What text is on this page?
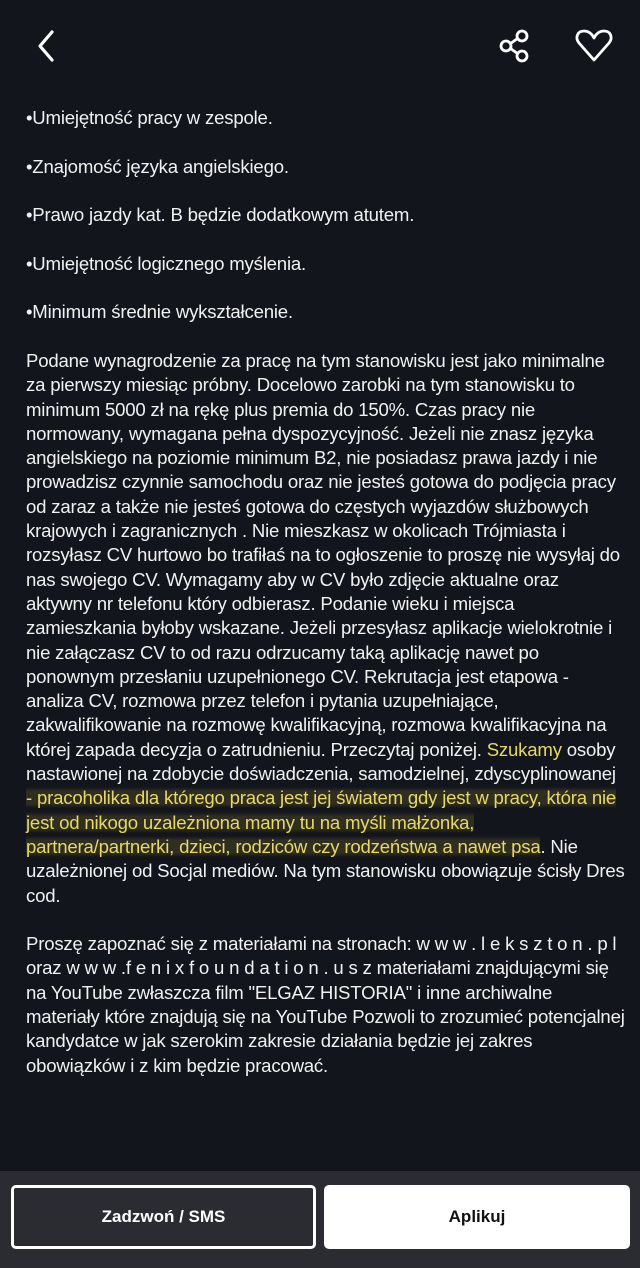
•Umiejętność pracy w zespole.
•Znajomość języka angielskiego.
•Prawo jazdy kat. B będzie dodatkowym atutem.
•Umiejętność logicznego myślenia.
•Minimum średnie wykształcenie.

Podane wynagrodzenie za pracę na tym stanowisku jest jako minimalne za pierwszy miesiąc próbny. Docelowo zarobki na tym stanowisku to minimum 5000 zł na rękę plus premia do 150%. Czas pracy nie normowany, wymagana pełna dyspozycyjność. Jeżeli nie znasz języka angielskiego na poziomie minimum B2, nie posiadasz prawa jazdy i nie prowadzisz czynnie samochodu oraz nie jesteś gotowa do podjęcia pracy od zaraz a także nie jesteś gotowa do częstych wyjazdów służbowych krajowych i zagranicznych . Nie mieszkasz w okolicach Trójmiasta i rozsyłasz CV hurtowo bo trafiłaś na to ogłoszenie to proszę nie wysyłaj do nas swojego CV. Wymagamy aby w CV było zdjęcie aktualne oraz aktywny nr telefonu który odbierasz. Podanie wieku i miejsca zamieszkania byłoby wskazane. Jeżeli przesyłasz aplikacje wielokrotnie i nie załączasz CV to od razu odrzucamy taką aplikację nawet po ponownym przesłaniu uzupełnionego CV. Rekrutacja jest etapowa - analiza CV, rozmowa przez telefon i pytania uzupełniające, zakwalifikowanie na rozmowę kwalifikacyjną, rozmowa kwalifikacyjna na której zapada decyzja o zatrudnieniu. Przeczytaj poniżej. Szukamy osoby nastawionej na zdobycie doświadczenia, samodzielnej, zdyscyplinowanej - pracoholika dla którego praca jest jej światem gdy jest w pracy, która nie jest od nikogo uzależniona mamy tu na myśli małżonka, partnera/partnerki, dzieci, rodziców czy rodzeństwa a nawet psa. Nie uzależnionej od Socjal mediów. Na tym stanowisku obowiązuje ścisły Dres cod.

Proszę zapoznać się z materiałami na stronach: w w w . l e k s z t o n . p l oraz w w w .f e n i x f o u n d a t i o n . u s z materiałami znajdującymi się na YouTube zwłaszcza film "ELGAZ HISTORIA" i inne archiwalne materiały które znajdują się na YouTube Pozwoli to zrozumieć potencjalnej kandydatce w jak szerokim zakresie działania będzie jej zakres obowiązków i z kim będzie pracować.

Zadzwoń / SMS	Aplikuj
